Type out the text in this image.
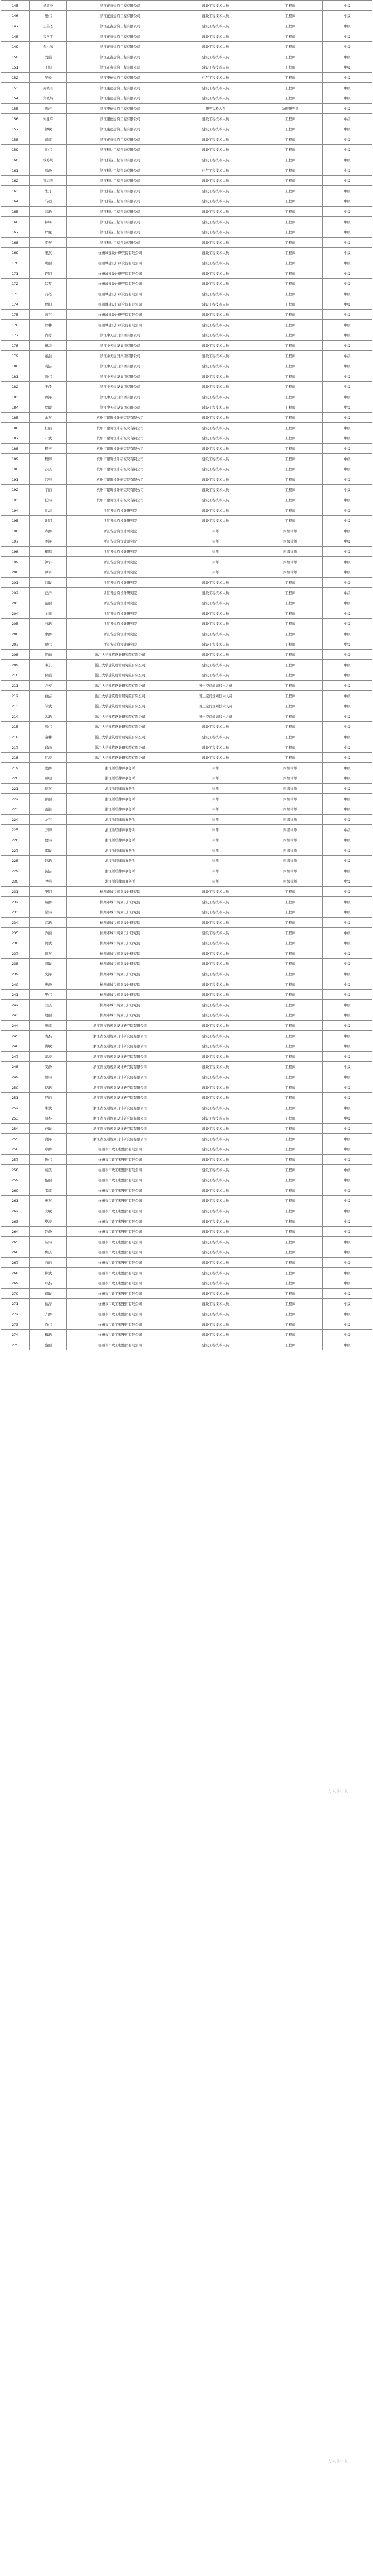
145	杨敏杰	浙江正鑫建筑工程有限公司	建设工程技术人员	工程师	中级
146	施伟	浙江正鑫建筑工程有限公司	建设工程技术人员	工程师	中级
147	王英杰	浙江正鑫建筑工程有限公司	建设工程技术人员	工程师	中级
148	程学明	浙江正鑫建筑工程有限公司	建设工程技术人员	工程师	中级
149	余小波	浙江正鑫建筑工程有限公司	建设工程技术人员	工程师	中级
150	刘强	浙江正鑫建筑工程有限公司	建设工程技术人员	工程师	中级
151	王旭	浙江正鑫建筑工程有限公司	建设工程技术人员	工程师	中级
152	吴悦	浙江康德建筑工程有限公司	电气工程技术人员	工程师	中级
153	周晓雨	浙江康德建筑工程有限公司	建设工程技术人员	工程师	中级
154	郑晓辉	浙江康德建筑工程有限公司	建设工程技术人员	工程师	中级
155	陈萍	浙江康德建筑工程有限公司	研究实验人员	助理研究员	中级
156	何建军	浙江康德建筑工程有限公司	建设工程技术人员	工程师	中级
157	徐敏	浙江康德建筑工程有限公司	建设工程技术人员	工程师	中级
158	胡斌	浙江正鑫建筑工程有限公司	建设工程技术人员	工程师	中级
159	沈伟	浙江科达工程咨询有限公司	建设工程技术人员	工程师	中级
160	钱婷婷	浙江科达工程咨询有限公司	建设工程技术人员	工程师	中级
161	冯静	浙江科达工程咨询有限公司	电气工程技术人员	工程师	中级
162	孙志刚	浙江科达工程咨询有限公司	建设工程技术人员	工程师	中级
163	朱丹	浙江科达工程咨询有限公司	建设工程技术人员	工程师	中级
164	马超	浙江科达工程咨询有限公司	建设工程技术人员	工程师	中级
165	高磊	浙江科达工程咨询有限公司	建设工程技术人员	工程师	中级
166	林峰	浙江科达工程咨询有限公司	建设工程技术人员	工程师	中级
167	罗俊	浙江科达工程咨询有限公司	建设工程技术人员	工程师	中级
168	梁燕	浙江科达工程咨询有限公司	建设工程技术人员	工程师	中级
169	宋杰	杭州城建设计研究院有限公司	建设工程技术人员	工程师	中级
170	唐丽	杭州城建设计研究院有限公司	建设工程技术人员	工程师	中级
171	许明	杭州城建设计研究院有限公司	建设工程技术人员	工程师	中级
172	韩雪	杭州城建设计研究院有限公司	建设工程技术人员	工程师	中级
173	冯亮	杭州城建设计研究院有限公司	建设工程技术人员	工程师	中级
174	曹阳	杭州城建设计研究院有限公司	建设工程技术人员	工程师	中级
175	彭飞	杭州城建设计研究院有限公司	建设工程技术人员	工程师	中级
176	曾琳	杭州城建设计研究院有限公司	建设工程技术人员	工程师	中级
177	肖勇	浙江中天建设集团有限公司	建设工程技术人员	工程师	中级
178	田甜	浙江中天建设集团有限公司	建设工程技术人员	工程师	中级
179	董浩	浙江中天建设集团有限公司	建设工程技术人员	工程师	中级
180	袁洁	浙江中天建设集团有限公司	建设工程技术人员	工程师	中级
181	潘伟	浙江中天建设集团有限公司	建设工程技术人员	工程师	中级
182	于晨	浙江中天建设集团有限公司	建设工程技术人员	工程师	中级
183	蒋涛	浙江中天建设集团有限公司	建设工程技术人员	工程师	中级
184	蔡敏	浙江中天建设集团有限公司	建设工程技术人员	工程师	中级
185	余杰	杭州市建筑设计研究院有限公司	建设工程技术人员	工程师	中级
186	杜娟	杭州市建筑设计研究院有限公司	建设工程技术人员	工程师	中级
187	叶斌	杭州市建筑设计研究院有限公司	建设工程技术人员	工程师	中级
188	程亮	杭州市建筑设计研究院有限公司	建设工程技术人员	工程师	中级
189	魏婷	杭州市建筑设计研究院有限公司	建设工程技术人员	工程师	中级
190	苏磊	杭州市建筑设计研究院有限公司	建设工程技术人员	工程师	中级
191	吕强	杭州市建筑设计研究院有限公司	建设工程技术人员	工程师	中级
192	丁丽	杭州市建筑设计研究院有限公司	建设工程技术人员	工程师	中级
193	任伟	杭州市建筑设计研究院有限公司	建设工程技术人员	工程师	中级
194	沈洁	浙江省建筑设计研究院	建设工程技术人员	工程师	中级
195	姚明	浙江省建筑设计研究院	建设工程技术人员	工程师	中级
196	卢静	浙江省建筑设计研究院	律师	四级律师	中级
197	姜涛	浙江省建筑设计研究院	律师	四级律师	中级
198	崔鹏	浙江省建筑设计研究院	律师	四级律师	中级
199	钟华	浙江省建筑设计研究院	律师	四级律师	中级
200	谭军	浙江省建筑设计研究院	律师	四级律师	中级
201	陆敏	浙江省建筑设计研究院	建设工程技术人员	工程师	中级
202	汪洋	浙江省建筑设计研究院	建设工程技术人员	工程师	中级
203	范丽	浙江省建筑设计研究院	建设工程技术人员	工程师	中级
204	金鑫	浙江省建筑设计研究院	建设工程技术人员	工程师	中级
205	石磊	浙江省建筑设计研究院	建设工程技术人员	工程师	中级
206	廖静	浙江省建筑设计研究院	建设工程技术人员	工程师	中级
207	贾伟	浙江省建筑设计研究院	建设工程技术人员	工程师	中级
208	夏雨	浙江大学建筑设计研究院有限公司	建设工程技术人员	工程师	中级
209	韦东	浙江大学建筑设计研究院有限公司	建设工程技术人员	工程师	中级
210	付强	浙江大学建筑设计研究院有限公司	建设工程技术人员	工程师	中级
211	方芳	浙江大学建筑设计研究院有限公司	国土空间规划技术人员	工程师	中级
212	白洁	浙江大学建筑设计研究院有限公司	国土空间规划技术人员	工程师	中级
213	邹斌	浙江大学建筑设计研究院有限公司	国土空间规划技术人员	工程师	中级
214	孟磊	浙江大学建筑设计研究院有限公司	国土空间规划技术人员	工程师	中级
215	熊伟	浙江大学建筑设计研究院有限公司	建设工程技术人员	工程师	中级
216	秦琳	浙江大学建筑设计研究院有限公司	建设工程技术人员	工程师	中级
217	邱峰	浙江大学建筑设计研究院有限公司	建设工程技术人员	工程师	中级
218	江涛	浙江大学建筑设计研究院有限公司	建设工程技术人员	工程师	中级
219	史静	浙江浙联律师事务所	律师	四级律师	中级
220	顾明	浙江浙联律师事务所	律师	四级律师	中级
221	侯杰	浙江浙联律师事务所	律师	四级律师	中级
222	邵丽	浙江浙联律师事务所	律师	四级律师	中级
223	孟浩	浙江浙联律师事务所	律师	四级律师	中级
224	龙飞	浙江浙联律师事务所	律师	四级律师	中级
225	万婷	浙江浙联律师事务所	律师	四级律师	中级
226	段伟	浙江浙联律师事务所	律师	四级律师	中级
227	雷敏	浙江浙联律师事务所	律师	四级律师	中级
228	钱磊	浙江浙联律师事务所	律师	四级律师	中级
229	汤洁	浙江浙联律师事务所	律师	四级律师	中级
230	尹强	浙江浙联律师事务所	律师	四级律师	中级
231	黎明	杭州市城市规划设计研究院	建设工程技术人员	工程师	中级
232	易静	杭州市城市规划设计研究院	建设工程技术人员	工程师	中级
233	常伟	杭州市城市规划设计研究院	建设工程技术人员	工程师	中级
234	武磊	杭州市城市规划设计研究院	建设工程技术人员	工程师	中级
235	乔丽	杭州市城市规划设计研究院	建设工程技术人员	工程师	中级
236	贺斌	杭州市城市规划设计研究院	建设工程技术人员	工程师	中级
237	赖杰	杭州市城市规划设计研究院	建设工程技术人员	工程师	中级
238	龚敏	杭州市城市规划设计研究院	建设工程技术人员	工程师	中级
239	文涛	杭州市城市规划设计研究院	建设工程技术人员	工程师	中级
240	庞静	杭州市城市规划设计研究院	建设工程技术人员	工程师	中级
241	樊伟	杭州市城市规划设计研究院	建设工程技术人员	工程师	中级
242	兰磊	杭州市城市规划设计研究院	建设工程技术人员	工程师	中级
243	殷丽	杭州市城市规划设计研究院	建设工程技术人员	工程师	中级
244	施斌	浙江省交通规划设计研究院有限公司	建设工程技术人员	工程师	中级
245	陶杰	浙江省交通规划设计研究院有限公司	建设工程技术人员	工程师	中级
246	洪敏	浙江省交通规划设计研究院有限公司	建设工程技术人员	工程师	中级
247	翟涛	浙江省交通规划设计研究院有限公司	建设工程技术人员	工程师	中级
248	安静	浙江省交通规划设计研究院有限公司	建设工程技术人员	工程师	中级
249	颜伟	浙江省交通规划设计研究院有限公司	建设工程技术人员	工程师	中级
250	倪磊	浙江省交通规划设计研究院有限公司	建设工程技术人员	工程师	中级
251	严丽	浙江省交通规划设计研究院有限公司	建设工程技术人员	工程师	中级
252	牛斌	浙江省交通规划设计研究院有限公司	建设工程技术人员	工程师	中级
253	温杰	浙江省交通规划设计研究院有限公司	建设工程技术人员	工程师	中级
254	芦敏	浙江省交通规划设计研究院有限公司	建设工程技术人员	工程师	中级
255	俞涛	浙江省交通规划设计研究院有限公司	建设工程技术人员	工程师	中级
256	章静	杭州市市政工程集团有限公司	建设工程技术人员	工程师	中级
257	鲁伟	杭州市市政工程集团有限公司	建设工程技术人员	工程师	中级
258	葛磊	杭州市市政工程集团有限公司	建设工程技术人员	工程师	中级
259	伍丽	杭州市市政工程集团有限公司	建设工程技术人员	工程师	中级
260	韦斌	杭州市市政工程集团有限公司	建设工程技术人员	工程师	中级
261	申杰	杭州市市政工程集团有限公司	建设工程技术人员	工程师	中级
262	尤敏	杭州市市政工程集团有限公司	建设工程技术人员	工程师	中级
263	毕涛	杭州市市政工程集团有限公司	建设工程技术人员	工程师	中级
264	聂静	杭州市市政工程集团有限公司	建设工程技术人员	工程师	中级
265	丛伟	杭州市市政工程集团有限公司	建设工程技术人员	工程师	中级
266	焦磊	杭州市市政工程集团有限公司	建设工程技术人员	工程师	中级
267	向丽	杭州市市政工程集团有限公司	建设工程技术人员	工程师	中级
268	柳斌	杭州市市政工程集团有限公司	建设工程技术人员	工程师	中级
269	邢杰	杭州市市政工程集团有限公司	建设工程技术人员	工程师	中级
270	路敏	杭州市市政工程集团有限公司	建设工程技术人员	工程师	中级
271	岳涛	杭州市市政工程集团有限公司	建设工程技术人员	工程师	中级
272	齐静	杭州市市政工程集团有限公司	建设工程技术人员	工程师	中级
273	沿伟	杭州市市政工程集团有限公司	建设工程技术人员	工程师	中级
274	梅磊	杭州市市政工程集团有限公司	建设工程技术人员	工程师	中级
275	盛丽	杭州市市政工程集团有限公司	建设工程技术人员	工程师	中级
人人讲HR
人人讲HR
